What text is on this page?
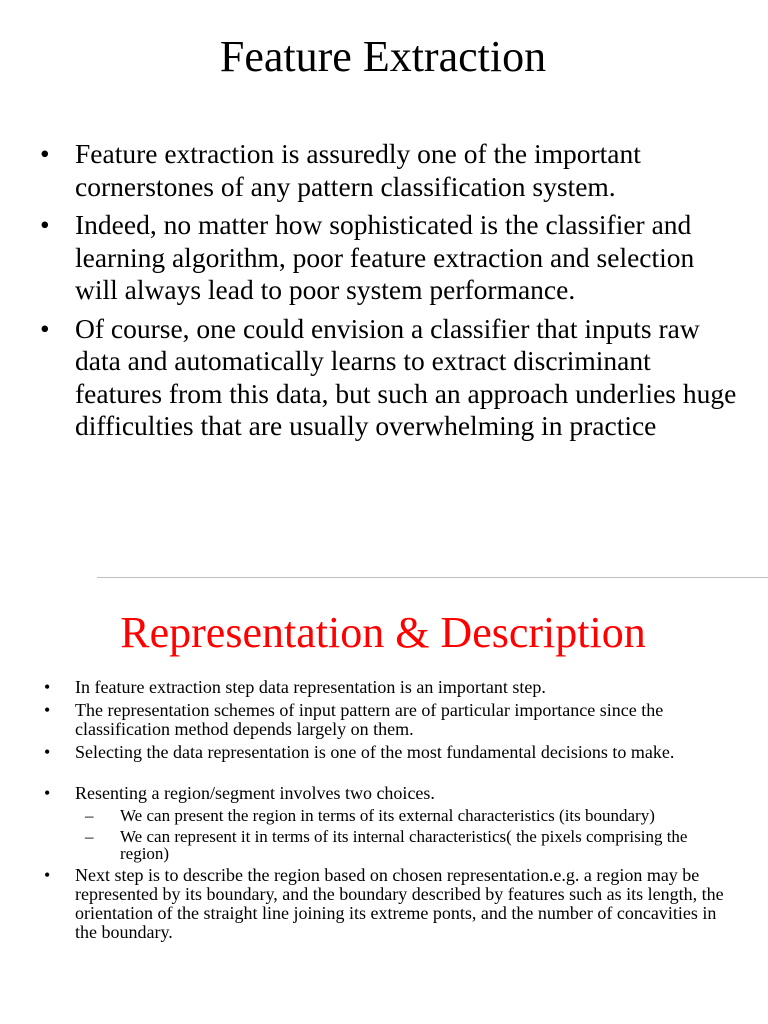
Feature Extraction
• Feature extraction is assuredly one of the important cornerstones of any pattern classification system.
• Indeed, no matter how sophisticated is the classifier and learning algorithm, poor feature extraction and selection will always lead to poor system performance.
• Of course, one could envision a classifier that inputs raw data and automatically learns to extract discriminant features from this data, but such an approach underlies huge difficulties that are usually overwhelming in practice
Representation & Description
• In feature extraction step data representation is an important step.
• The representation schemes of input pattern are of particular importance since the classification method depends largely on them.
• Selecting the data representation is one of the most fundamental decisions to make.
• Resenting a region/segment involves two choices.
– We can present the region in terms of its external characteristics (its boundary)
– We can represent it in terms of its internal characteristics( the pixels comprising the region)
• Next step is to describe the region based on chosen representation.e.g. a region may be represented by its boundary, and the boundary described by features such as its length, the orientation of the straight line joining its extreme ponts, and the number of concavities in the boundary.
